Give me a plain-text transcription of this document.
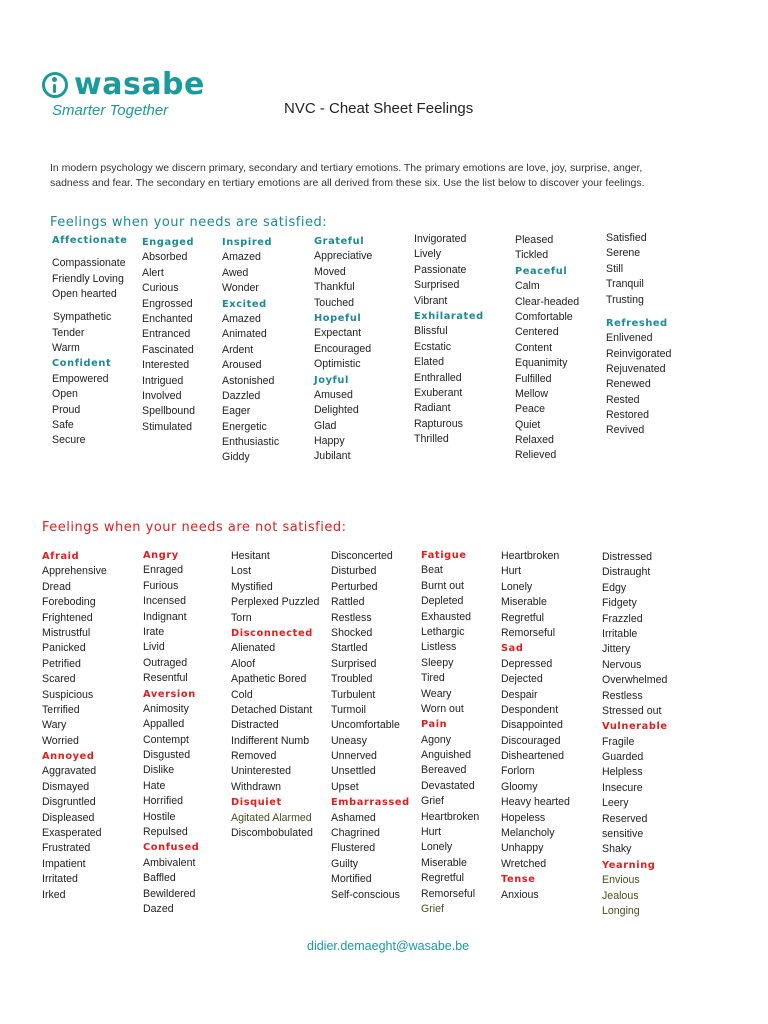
wasabe
Smarter Together	NVC - Cheat Sheet Feelings
In modern psychology we discern primary, secondary and tertiary emotions. The primary emotions are love, joy, surprise, anger, sadness and fear. The secondary en tertiary emotions are all derived from these six. Use the list below to discover your feelings.
Feelings when your needs are satisfied:
Affectionate
Compassionate
Friendly Loving
Open hearted
Sympathetic
Tender
Warm
Confident
Empowered
Open
Proud
Safe
Secure
Engaged
Absorbed
Alert
Curious
Engrossed
Enchanted
Entranced
Fascinated
Interested
Intrigued
Involved
Spellbound
Stimulated
Inspired
Amazed
Awed
Wonder
Excited
Amazed
Animated
Ardent
Aroused
Astonished
Dazzled
Eager
Energetic
Enthusiastic
Giddy
Grateful
Appreciative
Moved
Thankful
Touched
Hopeful
Expectant
Encouraged
Optimistic
Joyful
Amused
Delighted
Glad
Happy
Jubilant
Invigorated
Lively
Passionate
Surprised
Vibrant
Exhilarated
Blissful
Ecstatic
Elated
Enthralled
Exuberant
Radiant
Rapturous
Thrilled
Pleased
Tickled
Peaceful
Calm
Clear-headed
Comfortable
Centered
Content
Equanimity
Fulfilled
Mellow
Peace
Quiet
Relaxed
Relieved
Satisfied
Serene
Still
Tranquil
Trusting
Refreshed
Enlivened
Reinvigorated
Rejuvenated
Renewed
Rested
Restored
Revived
Feelings when your needs are not satisfied:
Afraid
Apprehensive
Dread
Foreboding
Frightened
Mistrustful
Panicked
Petrified
Scared
Suspicious
Terrified
Wary
Worried
Annoyed
Aggravated
Dismayed
Disgruntled
Displeased
Exasperated
Frustrated
Impatient
Irritated
Irked
Angry
Enraged
Furious
Incensed
Indignant
Irate
Livid
Outraged
Resentful
Aversion
Animosity
Appalled
Contempt
Disgusted
Dislike
Hate
Horrified
Hostile
Repulsed
Confused
Ambivalent
Baffled
Bewildered
Dazed
Hesitant
Lost
Mystified
Perplexed Puzzled
Torn
Disconnected
Alienated
Aloof
Apathetic Bored
Cold
Detached Distant
Distracted
Indifferent Numb
Removed
Uninterested
Withdrawn
Disquiet
Agitated Alarmed
Discombobulated
Disconcerted
Disturbed
Perturbed
Rattled
Restless
Shocked
Startled
Surprised
Troubled
Turbulent
Turmoil
Uncomfortable
Uneasy
Unnerved
Unsettled
Upset
Embarrassed
Ashamed
Chagrined
Flustered
Guilty
Mortified
Self-conscious
Fatigue
Beat
Burnt out
Depleted
Exhausted
Lethargic
Listless
Sleepy
Tired
Weary
Worn out
Pain
Agony
Anguished
Bereaved
Devastated
Grief
Heartbroken
Hurt
Lonely
Miserable
Regretful
Remorseful
Grief
Heartbroken
Hurt
Lonely
Miserable
Regretful
Remorseful
Sad
Depressed
Dejected
Despair
Despondent
Disappointed
Discouraged
Disheartened
Forlorn
Gloomy
Heavy hearted
Hopeless
Melancholy
Unhappy
Wretched
Tense
Anxious
Distressed
Distraught
Edgy
Fidgety
Frazzled
Irritable
Jittery
Nervous
Overwhelmed
Restless
Stressed out
Vulnerable
Fragile
Guarded
Helpless
Insecure
Leery
Reserved
sensitive
Shaky
Yearning
Envious
Jealous
Longing
didier.demaeght@wasabe.be
